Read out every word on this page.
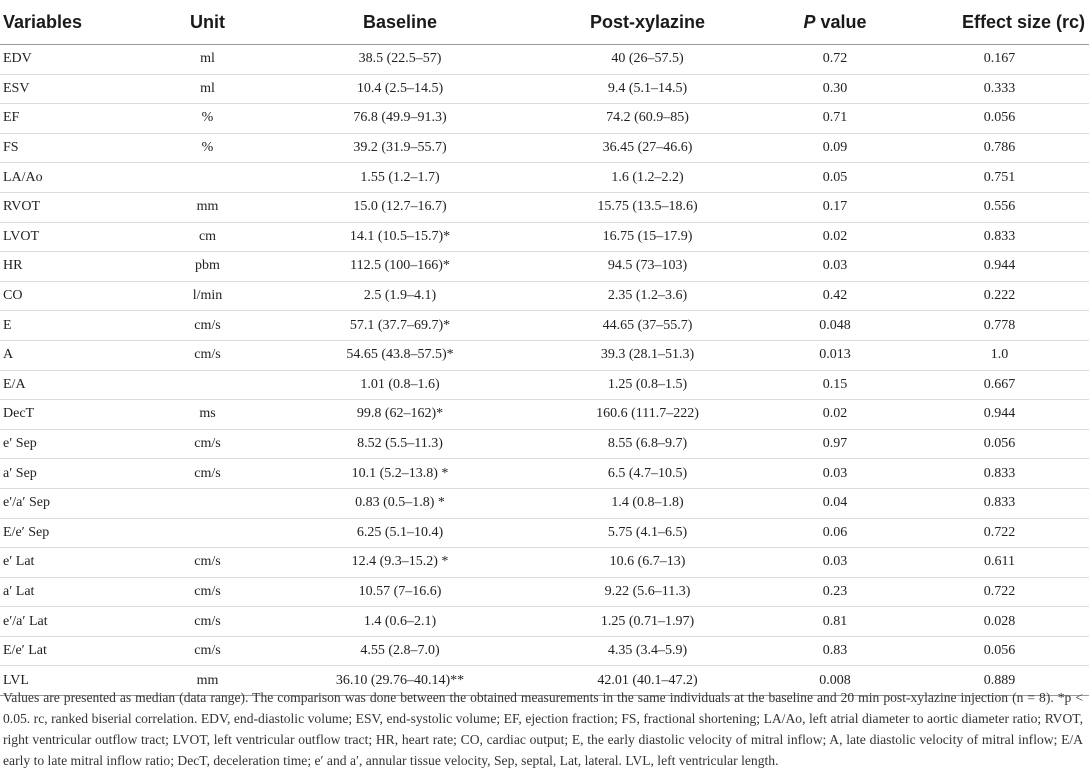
Variables	Unit	Baseline	Post-xylazine	P value	Effect size (rc)
EDV	ml	38.5 (22.5–57)	40 (26–57.5)	0.72	0.167
ESV	ml	10.4 (2.5–14.5)	9.4 (5.1–14.5)	0.30	0.333
EF	%	76.8 (49.9–91.3)	74.2 (60.9–85)	0.71	0.056
FS	%	39.2 (31.9–55.7)	36.45 (27–46.6)	0.09	0.786
LA/Ao		1.55 (1.2–1.7)	1.6 (1.2–2.2)	0.05	0.751
RVOT	mm	15.0 (12.7–16.7)	15.75 (13.5–18.6)	0.17	0.556
LVOT	cm	14.1 (10.5–15.7)*	16.75 (15–17.9)	0.02	0.833
HR	pbm	112.5 (100–166)*	94.5 (73–103)	0.03	0.944
CO	l/min	2.5 (1.9–4.1)	2.35 (1.2–3.6)	0.42	0.222
E	cm/s	57.1 (37.7–69.7)*	44.65 (37–55.7)	0.048	0.778
A	cm/s	54.65 (43.8–57.5)*	39.3 (28.1–51.3)	0.013	1.0
E/A		1.01 (0.8–1.6)	1.25 (0.8–1.5)	0.15	0.667
DecT	ms	99.8 (62–162)*	160.6 (111.7–222)	0.02	0.944
e′ Sep	cm/s	8.52 (5.5–11.3)	8.55 (6.8–9.7)	0.97	0.056
a′ Sep	cm/s	10.1 (5.2–13.8) *	6.5 (4.7–10.5)	0.03	0.833
e′/a′ Sep		0.83 (0.5–1.8) *	1.4 (0.8–1.8)	0.04	0.833
E/e′ Sep		6.25 (5.1–10.4)	5.75 (4.1–6.5)	0.06	0.722
e′ Lat	cm/s	12.4 (9.3–15.2) *	10.6 (6.7–13)	0.03	0.611
a′ Lat	cm/s	10.57 (7–16.6)	9.22 (5.6–11.3)	0.23	0.722
e′/a′ Lat	cm/s	1.4 (0.6–2.1)	1.25 (0.71–1.97)	0.81	0.028
E/e′ Lat	cm/s	4.55 (2.8–7.0)	4.35 (3.4–5.9)	0.83	0.056
LVL	mm	36.10 (29.76–40.14)**	42.01 (40.1–47.2)	0.008	0.889
Values are presented as median (data range). The comparison was done between the obtained measurements in the same individuals at the baseline and 20 min post-xylazine injection (n = 8). *p < 0.05. rc, ranked biserial correlation. EDV, end-diastolic volume; ESV, end-systolic volume; EF, ejection fraction; FS, fractional shortening; LA/Ao, left atrial diameter to aortic diameter ratio; RVOT, right ventricular outflow tract; LVOT, left ventricular outflow tract; HR, heart rate; CO, cardiac output; E, the early diastolic velocity of mitral inflow; A, late diastolic velocity of mitral inflow; E/A early to late mitral inflow ratio; DecT, deceleration time; e′ and a′, annular tissue velocity, Sep, septal, Lat, lateral. LVL, left ventricular length.
